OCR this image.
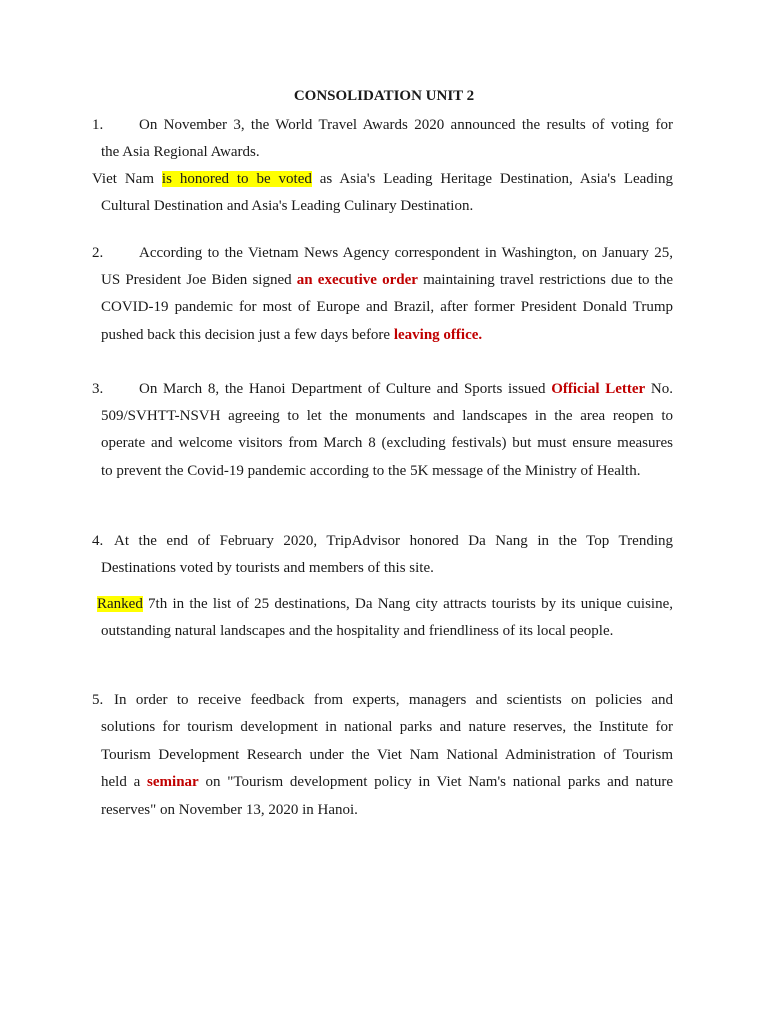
CONSOLIDATION UNIT 2
1. On November 3, the World Travel Awards 2020 announced the results of voting for
the Asia Regional Awards.
Viet Nam is honored to be voted as Asia's Leading Heritage Destination, Asia's Leading
Cultural Destination and Asia's Leading Culinary Destination.
2. According to the Vietnam News Agency correspondent in Washington, on January 25,
US President Joe Biden signed an executive order maintaining travel restrictions due to the
COVID-19 pandemic for most of Europe and Brazil, after former President Donald Trump
pushed back this decision just a few days before leaving office.
3. On March 8, the Hanoi Department of Culture and Sports issued Official Letter No.
509/SVHTT-NSVH agreeing to let the monuments and landscapes in the area reopen to
operate and welcome visitors from March 8 (excluding festivals) but must ensure measures
to prevent the Covid-19 pandemic according to the 5K message of the Ministry of Health.
4. At the end of February 2020, TripAdvisor honored Da Nang in the Top Trending
Destinations voted by tourists and members of this site.
Ranked 7th in the list of 25 destinations, Da Nang city attracts tourists by its unique cuisine,
outstanding natural landscapes and the hospitality and friendliness of its local people.
5. In order to receive feedback from experts, managers and scientists on policies and
solutions for tourism development in national parks and nature reserves, the Institute for
Tourism Development Research under the Viet Nam National Administration of Tourism
held a seminar on "Tourism development policy in Viet Nam's national parks and nature
reserves" on November 13, 2020 in Hanoi.
